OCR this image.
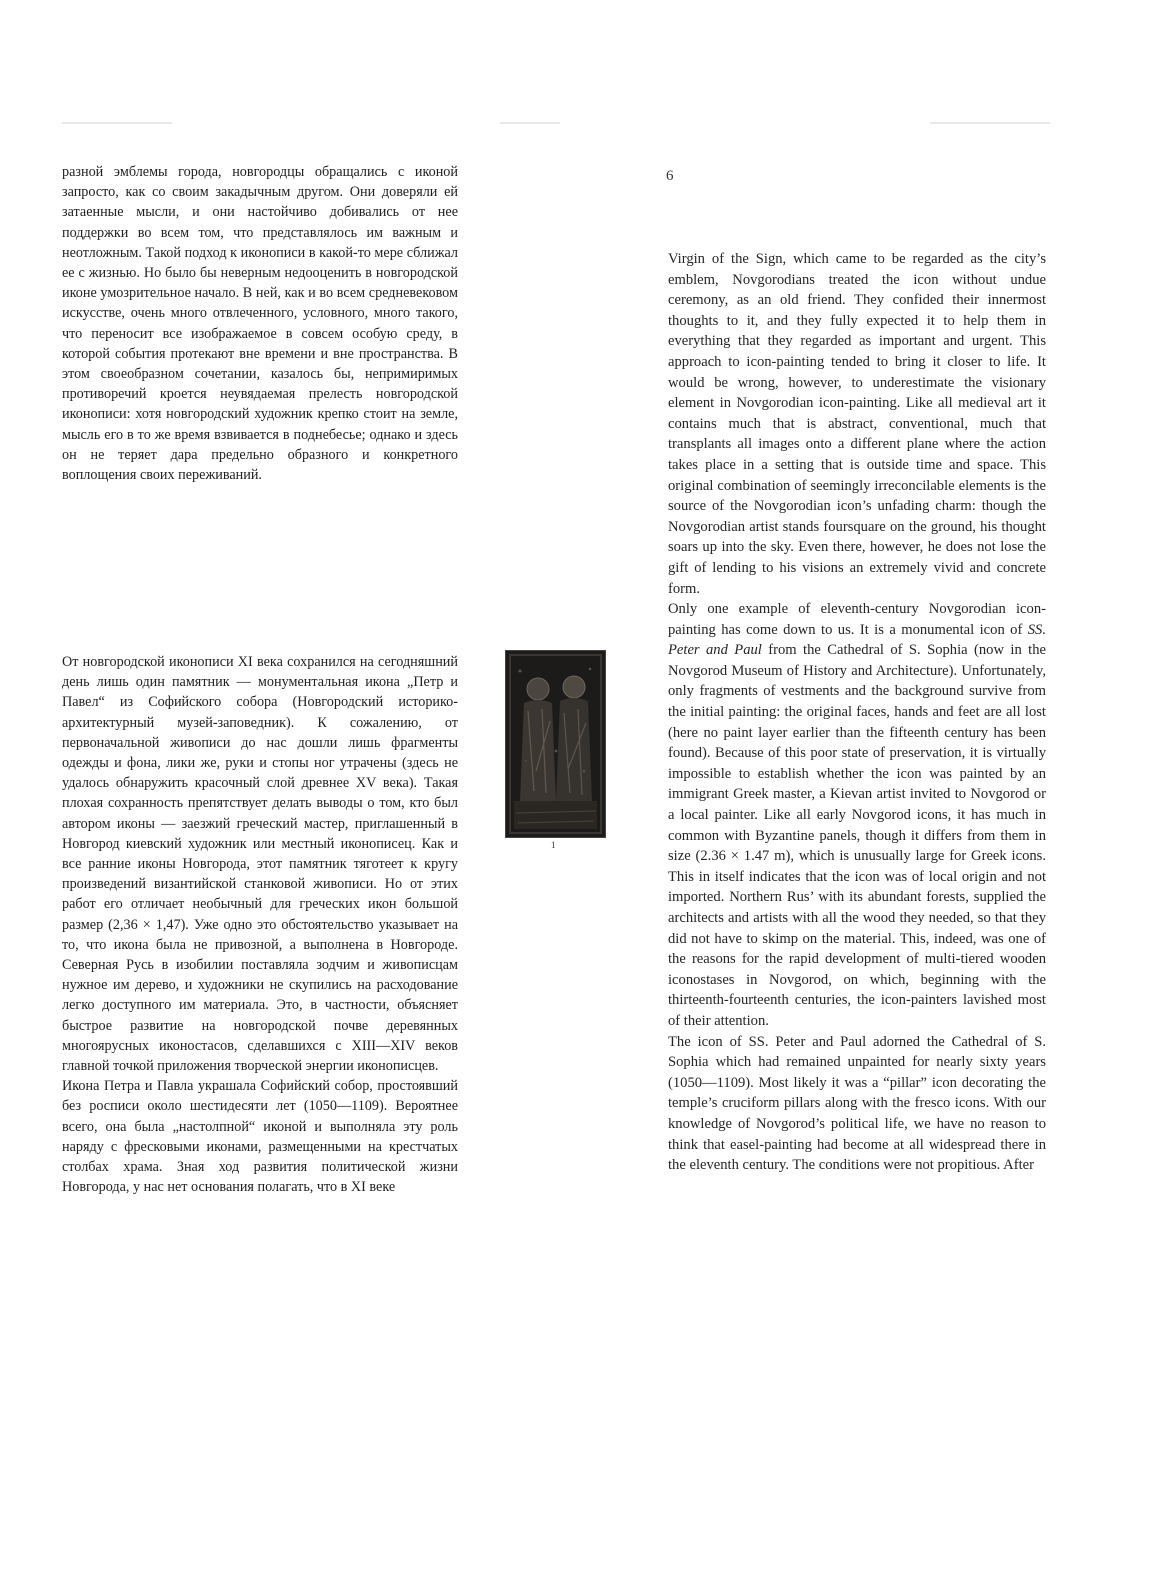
разной эмблемы города, новгородцы обращались с иконой запросто, как со своим закадычным другом. Они доверяли ей затаенные мысли, и они настойчиво добивались от нее поддержки во всем том, что представлялось им важным и неотложным. Такой подход к иконописи в какой-то мере сближал ее с жизнью. Но было бы неверным недооценить в новгородской иконе умозрительное начало. В ней, как и во всем средневековом искусстве, очень много отвлеченного, условного, много такого, что переносит все изображаемое в совсем особую среду, в которой события протекают вне времени и вне пространства. В этом своеобразном сочетании, казалось бы, непримиримых противоречий кроется неувядаемая прелесть новгородской иконописи: хотя новгородский художник крепко стоит на земле, мысль его в то же время взвивается в поднебесье; однако и здесь он не теряет дара предельно образного и конкретного воплощения своих переживаний.

От новгородской иконописи XI века сохранился на сегодняшний день лишь один памятник — монументальная икона „Петр и Павел“ из Софийского собора (Новгородский историко-архитектурный музей-заповедник). К сожалению, от первоначальной живописи до нас дошли лишь фрагменты одежды и фона, лики же, руки и стопы ног утрачены (здесь не удалось обнаружить красочный слой древнее XV века). Такая плохая сохранность препятствует делать выводы о том, кто был автором иконы — заезжий греческий мастер, приглашенный в Новгород киевский художник или местный иконописец. Как и все ранние иконы Новгорода, этот памятник тяготеет к кругу произведений византийской станковой живописи. Но от этих работ его отличает необычный для греческих икон большой размер (2,36 × 1,47). Уже одно это обстоятельство указывает на то, что икона была не привозной, а выполнена в Новгороде. Северная Русь в изобилии поставляла зодчим и живописцам нужное им дерево, и художники не скупились на расходование легко доступного им материала. Это, в частности, объясняет быстрое развитие на новгородской почве деревянных многоярусных иконостасов, сделавшихся с XIII—XIV веков главной точкой приложения творческой энергии иконописцев.

Икона Петра и Павла украшала Софийский собор, простоявший без росписи около шестидесяти лет (1050—1109). Вероятнее всего, она была „настолпной“ иконой и выполняла эту роль наряду с фресковыми иконами, размещенными на крестчатых столбах храма. Зная ход развития политической жизни Новгорода, у нас нет основания полагать, что в XI веке

6
1

Virgin of the Sign, which came to be regarded as the city’s emblem, Novgorodians treated the icon without undue ceremony, as an old friend. They confided their innermost thoughts to it, and they fully expected it to help them in everything that they regarded as important and urgent. This approach to icon-painting tended to bring it closer to life. It would be wrong, however, to underestimate the visionary element in Novgorodian icon-painting. Like all medieval art it contains much that is abstract, conventional, much that transplants all images onto a different plane where the action takes place in a setting that is outside time and space. This original combination of seemingly irreconcilable elements is the source of the Novgorodian icon’s unfading charm: though the Novgorodian artist stands foursquare on the ground, his thought soars up into the sky. Even there, however, he does not lose the gift of lending to his visions an extremely vivid and concrete form.

Only one example of eleventh-century Novgorodian icon-painting has come down to us. It is a monumental icon of SS. Peter and Paul from the Cathedral of S. Sophia (now in the Novgorod Museum of History and Architecture). Unfortunately, only fragments of vestments and the background survive from the initial painting: the original faces, hands and feet are all lost (here no paint layer earlier than the fifteenth century has been found). Because of this poor state of preservation, it is virtually impossible to establish whether the icon was painted by an immigrant Greek master, a Kievan artist invited to Novgorod or a local painter. Like all early Novgorod icons, it has much in common with Byzantine panels, though it differs from them in size (2.36 × 1.47 m), which is unusually large for Greek icons. This in itself indicates that the icon was of local origin and not imported. Northern Rus’ with its abundant forests, supplied the architects and artists with all the wood they needed, so that they did not have to skimp on the material. This, indeed, was one of the reasons for the rapid development of multi-tiered wooden iconostases in Novgorod, on which, beginning with the thirteenth-fourteenth centuries, the icon-painters lavished most of their attention.

The icon of SS. Peter and Paul adorned the Cathedral of S. Sophia which had remained unpainted for nearly sixty years (1050—1109). Most likely it was a “pillar” icon decorating the temple’s cruciform pillars along with the fresco icons. With our knowledge of Novgorod’s political life, we have no reason to think that easel-painting had become at all widespread there in the eleventh century. The conditions were not propitious. After
